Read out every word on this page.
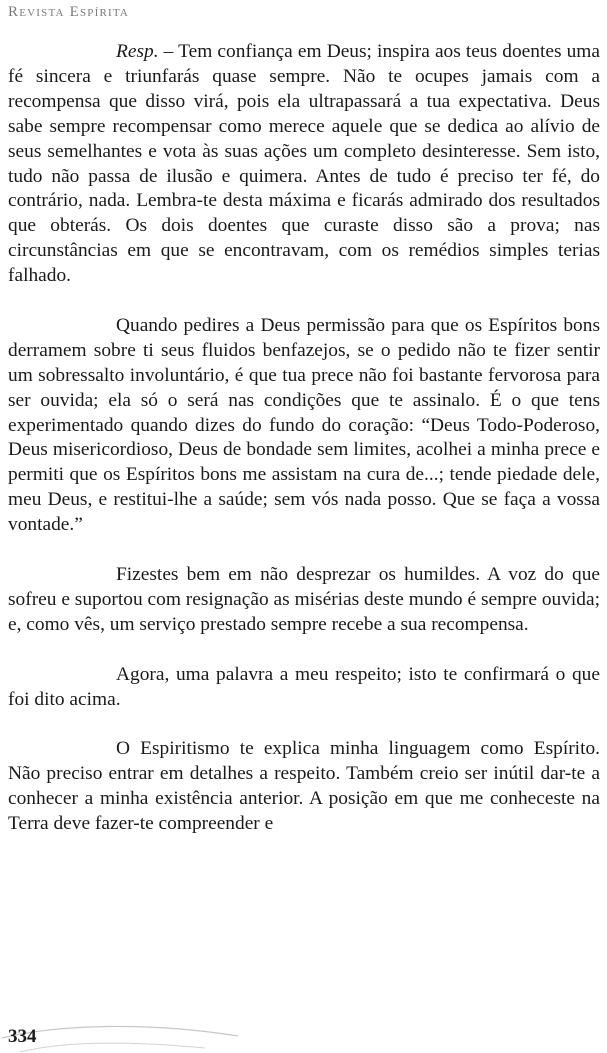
Revista Espírita

Resp. – Tem confiança em Deus; inspira aos teus doentes uma fé sincera e triunfarás quase sempre. Não te ocupes jamais com a recompensa que disso virá, pois ela ultrapassará a tua expectativa. Deus sabe sempre recompensar como merece aquele que se dedica ao alívio de seus semelhantes e vota às suas ações um completo desinteresse. Sem isto, tudo não passa de ilusão e quimera. Antes de tudo é preciso ter fé, do contrário, nada. Lembra-te desta máxima e ficarás admirado dos resultados que obterás. Os dois doentes que curaste disso são a prova; nas circunstâncias em que se encontravam, com os remédios simples terias falhado.

Quando pedires a Deus permissão para que os Espíritos bons derramem sobre ti seus fluidos benfazejos, se o pedido não te fizer sentir um sobressalto involuntário, é que tua prece não foi bastante fervorosa para ser ouvida; ela só o será nas condições que te assinalo. É o que tens experimentado quando dizes do fundo do coração: “Deus Todo-Poderoso, Deus misericordioso, Deus de bondade sem limites, acolhei a minha prece e permiti que os Espíritos bons me assistam na cura de...; tende piedade dele, meu Deus, e restitui-lhe a saúde; sem vós nada posso. Que se faça a vossa vontade.”

Fizestes bem em não desprezar os humildes. A voz do que sofreu e suportou com resignação as misérias deste mundo é sempre ouvida; e, como vês, um serviço prestado sempre recebe a sua recompensa.

Agora, uma palavra a meu respeito; isto te confirmará o que foi dito acima.

O Espiritismo te explica minha linguagem como Espírito. Não preciso entrar em detalhes a respeito. Também creio ser inútil dar-te a conhecer a minha existência anterior. A posição em que me conheceste na Terra deve fazer-te compreender e

334
